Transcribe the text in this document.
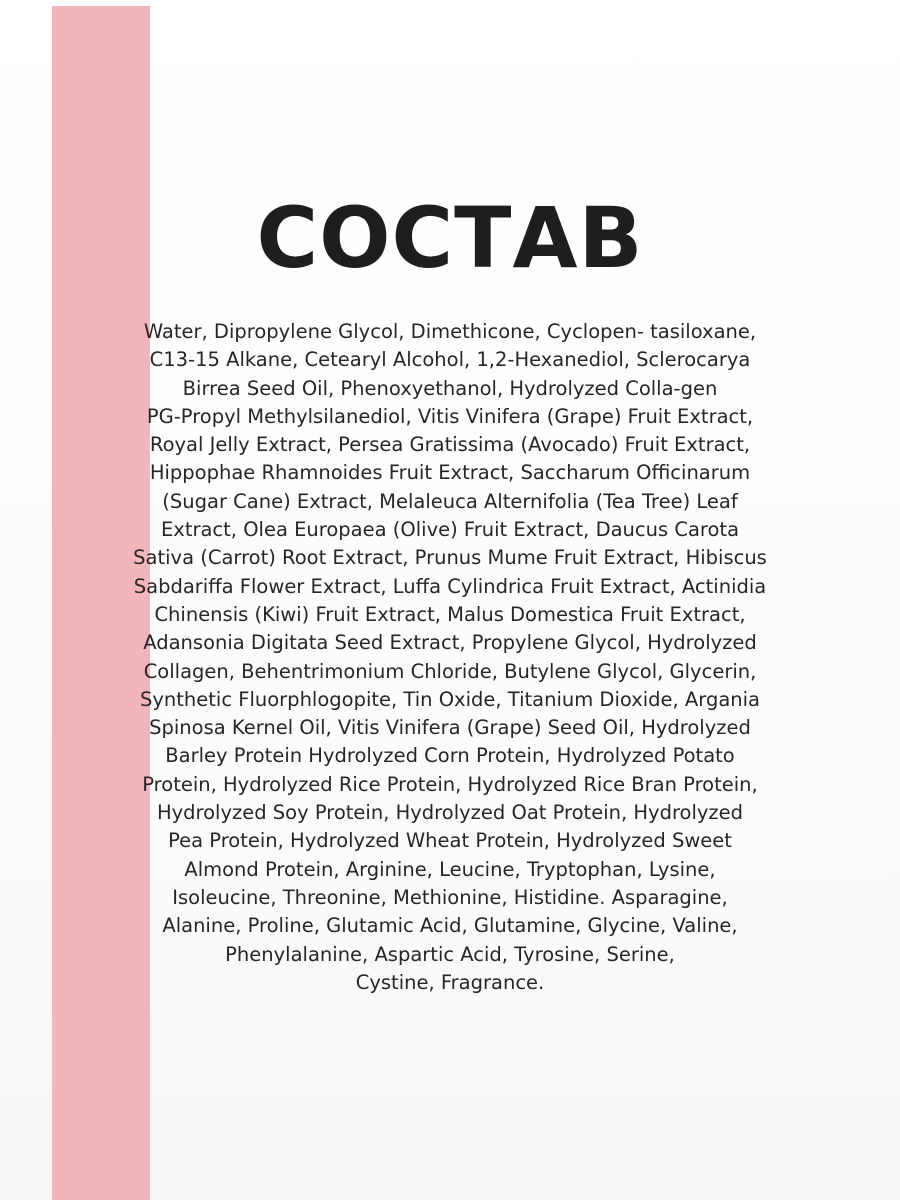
СОСТАВ

Water, Dipropylene Glycol, Dimethicone, Cyclopen- tasiloxane,
C13-15 Alkane, Cetearyl Alcohol, 1,2-Hexanediol, Sclerocarya
Birrea Seed Oil, Phenoxyethanol, Hydrolyzed Colla-gen
PG-Propyl Methylsilanediol, Vitis Vinifera (Grape) Fruit Extract,
Royal Jelly Extract, Persea Gratissima (Avocado) Fruit Extract,
Hippophae Rhamnoides Fruit Extract, Saccharum Officinarum
(Sugar Cane) Extract, Melaleuca Alternifolia (Tea Tree) Leaf
Extract, Olea Europaea (Olive) Fruit Extract, Daucus Carota
Sativa (Carrot) Root Extract, Prunus Mume Fruit Extract, Hibiscus
Sabdariffa Flower Extract, Luffa Cylindrica Fruit Extract, Actinidia
Chinensis (Kiwi) Fruit Extract, Malus Domestica Fruit Extract,
Adansonia Digitata Seed Extract, Propylene Glycol, Hydrolyzed
Collagen, Behentrimonium Chloride, Butylene Glycol, Glycerin,
Synthetic Fluorphlogopite, Tin Oxide, Titanium Dioxide, Argania
Spinosa Kernel Oil, Vitis Vinifera (Grape) Seed Oil, Hydrolyzed
Barley Protein Hydrolyzed Corn Protein, Hydrolyzed Potato
Protein, Hydrolyzed Rice Protein, Hydrolyzed Rice Bran Protein,
Hydrolyzed Soy Protein, Hydrolyzed Oat Protein, Hydrolyzed
Pea Protein, Hydrolyzed Wheat Protein, Hydrolyzed Sweet
Almond Protein, Arginine, Leucine, Tryptophan, Lysine,
Isoleucine, Threonine, Methionine, Histidine. Asparagine,
Alanine, Proline, Glutamic Acid, Glutamine, Glycine, Valine,
Phenylalanine, Aspartic Acid, Tyrosine, Serine,
Cystine, Fragrance.
